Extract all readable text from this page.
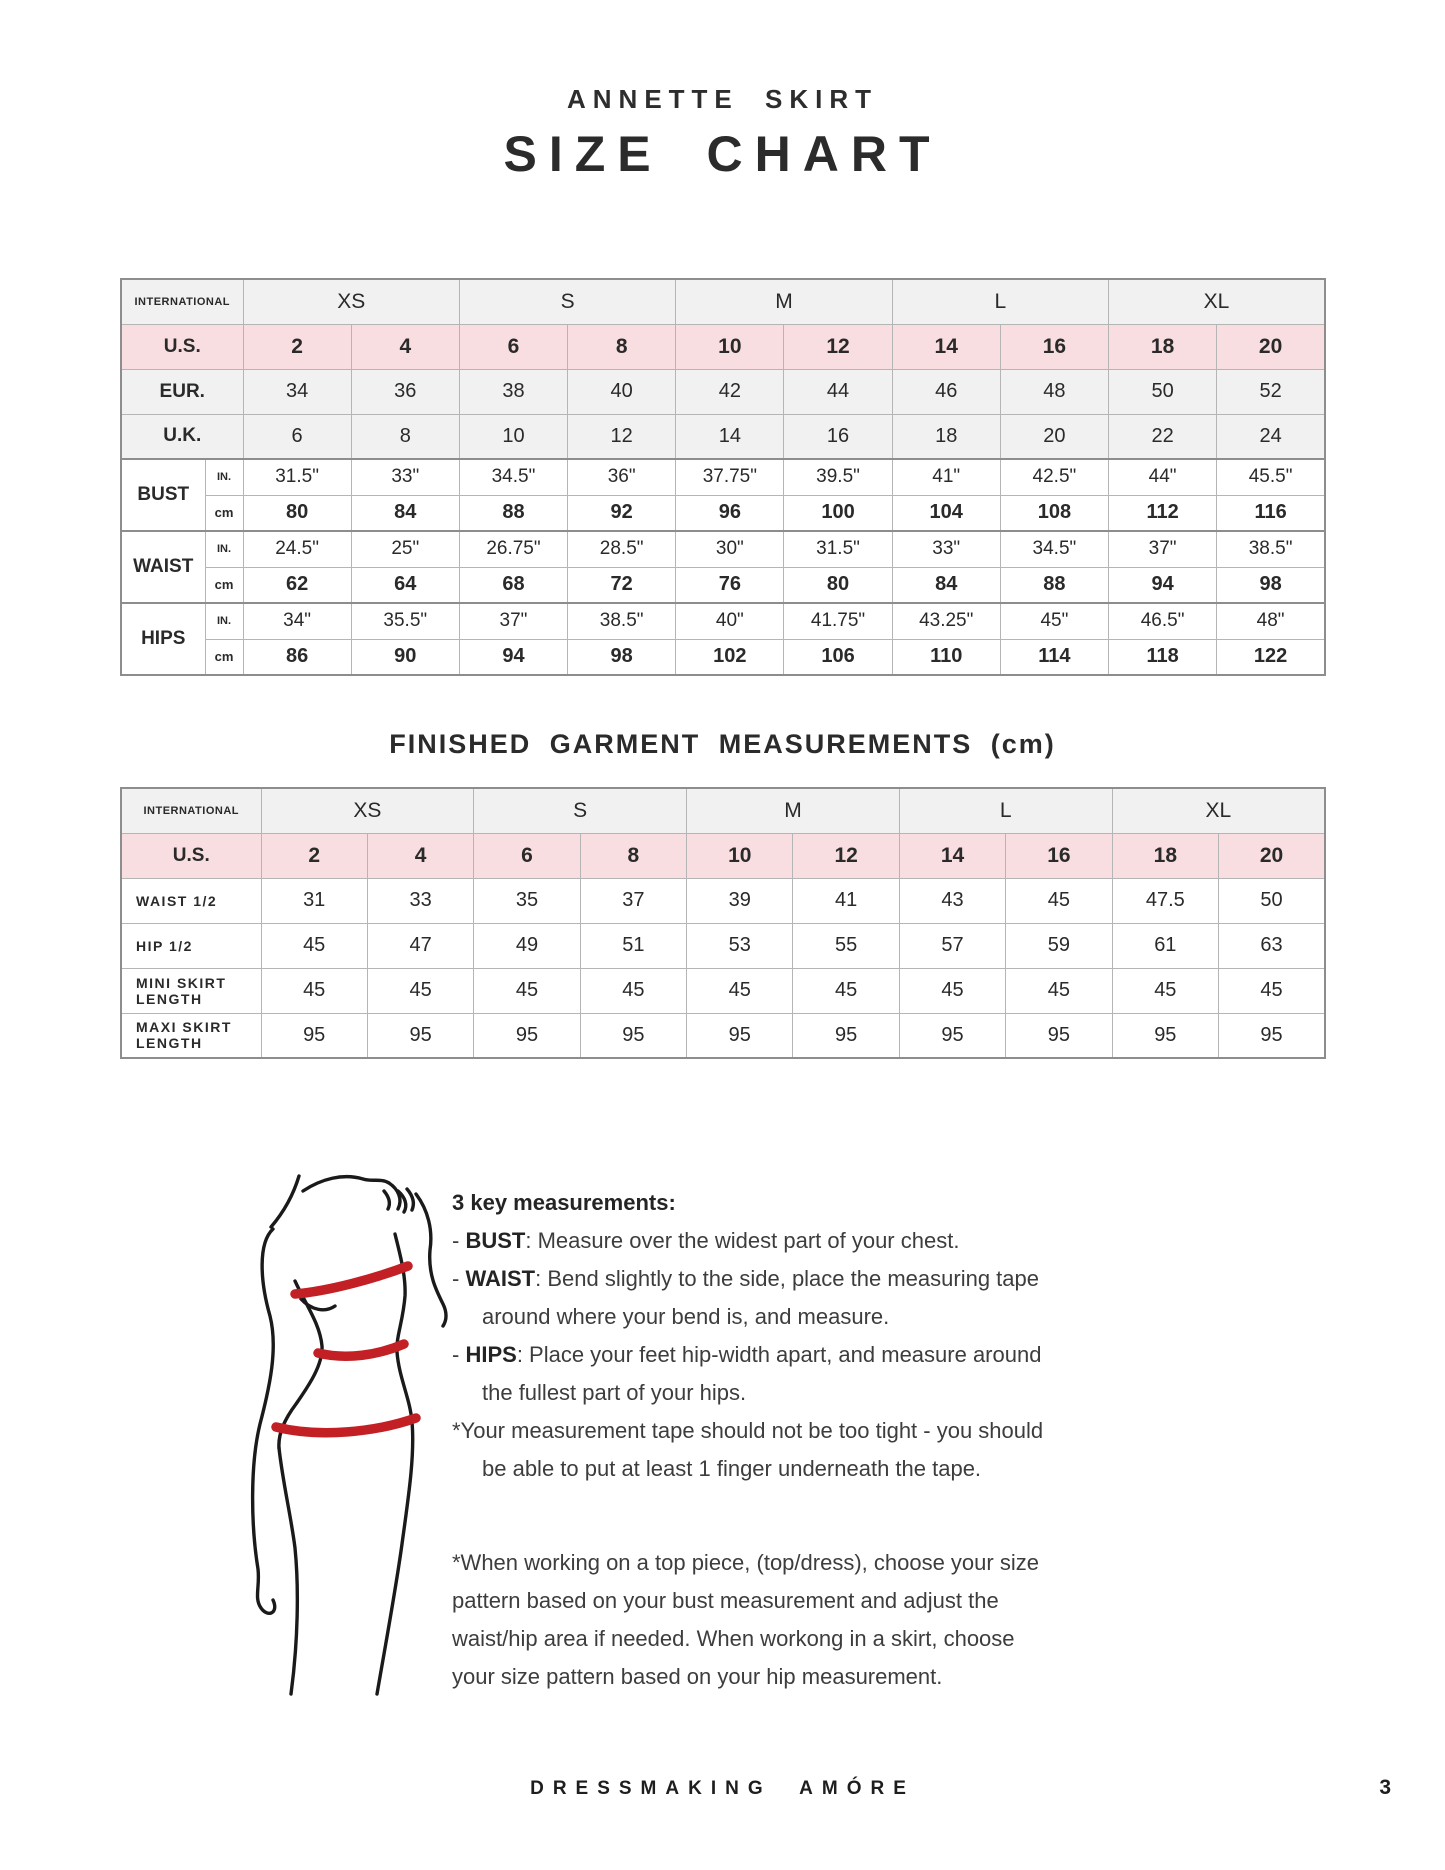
ANNETTE SKIRT
SIZE CHART
INTERNATIONAL		XS		S		M		L		XL	
U.S.		2	4	6	8	10	12	14	16	18	20
EUR.		34	36	38	40	42	44	46	48	50	52
U.K.		6	8	10	12	14	16	18	20	22	24
BUST	IN.	31.5"	33"	34.5"	36"	37.75"	39.5"	41"	42.5"	44"	45.5"
	cm	80	84	88	92	96	100	104	108	112	116
WAIST	IN.	24.5"	25"	26.75"	28.5"	30"	31.5"	33"	34.5"	37"	38.5"
	cm	62	64	68	72	76	80	84	88	94	98
HIPS	IN.	34"	35.5"	37"	38.5"	40"	41.75"	43.25"	45"	46.5"	48"
	cm	86	90	94	98	102	106	110	114	118	122
FINISHED GARMENT MEASUREMENTS (cm)
INTERNATIONAL	XS		S		M		L		XL	
U.S.	2	4	6	8	10	12	14	16	18	20
WAIST 1/2	31	33	35	37	39	41	43	45	47.5	50
HIP 1/2	45	47	49	51	53	55	57	59	61	63
MINI SKIRT LENGTH	45	45	45	45	45	45	45	45	45	45
MAXI SKIRT LENGTH	95	95	95	95	95	95	95	95	95	95
3 key measurements:
- BUST: Measure over the widest part of your chest.
- WAIST: Bend slightly to the side, place the measuring tape around where your bend is, and measure.
- HIPS: Place your feet hip-width apart, and measure around the fullest part of your hips.
*Your measurement tape should not be too tight - you should be able to put at least 1 finger underneath the tape.
*When working on a top piece, (top/dress), choose your size pattern based on your bust measurement and adjust the waist/hip area if needed. When workong in a skirt, choose your size pattern based on your hip measurement.
DRESSMAKING AMÓRE	3
